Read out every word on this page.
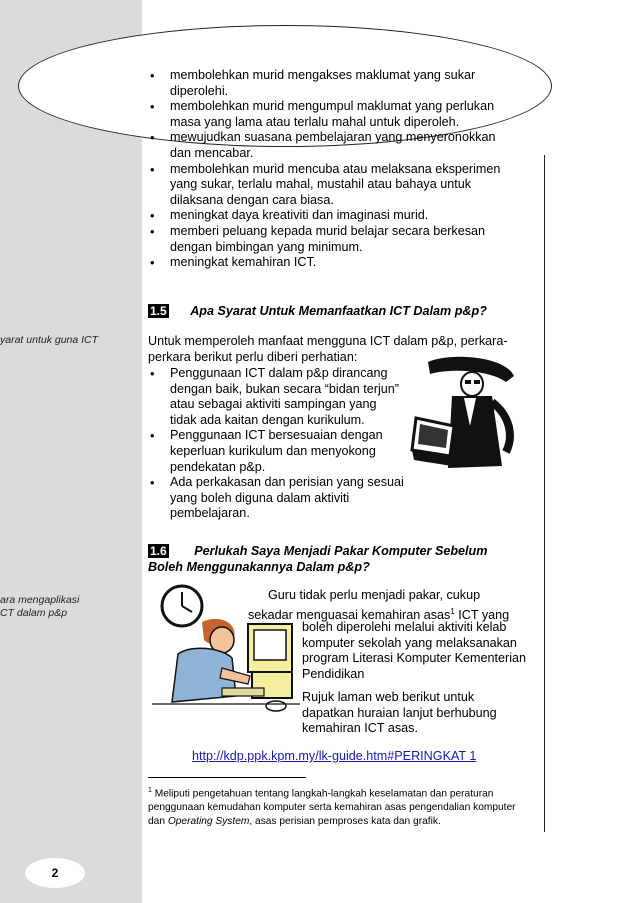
• membolehkan murid mengakses maklumat yang sukar diperolehi.
• membolehkan murid mengumpul maklumat yang perlukan masa yang lama atau terlalu mahal untuk diperoleh.
• mewujudkan suasana pembelajaran yang menyeronokkan dan mencabar.
• membolehkan murid mencuba atau melaksana eksperimen yang sukar, terlalu mahal, mustahil atau bahaya untuk dilaksana dengan cara biasa.
• meningkat daya kreativiti dan imaginasi murid.
• memberi peluang kepada murid belajar secara berkesan dengan bimbingan yang minimum.
• meningkat kemahiran ICT.
1.5 Apa Syarat Untuk Memanfaatkan ICT Dalam p&p?
yarat untuk guna ICT	Untuk memperoleh manfaat mengguna ICT dalam p&p, perkara-perkara berikut perlu diberi perhatian:
• Penggunaan ICT dalam p&p dirancang dengan baik, bukan secara “bidan terjun” atau sebagai aktiviti sampingan yang tidak ada kaitan dengan kurikulum.
• Penggunaan ICT bersesuaian dengan keperluan kurikulum dan menyokong pendekatan p&p.
• Ada perkakasan dan perisian yang sesuai yang boleh diguna dalam aktiviti pembelajaran.
1.6 Perlukah Saya Menjadi Pakar Komputer Sebelum
Boleh Menggunakannya Dalam p&p?
ara mengaplikasi
CT dalam p&p
Guru tidak perlu menjadi pakar, cukup
sekadar menguasai kemahiran asas$^1$ ICT yang
boleh diperolehi melalui aktiviti kelab komputer sekolah yang melaksanakan program Literasi Komputer Kementerian Pendidikan
Rujuk laman web berikut untuk dapatkan huraian lanjut berhubung kemahiran ICT asas.
http://kdp.ppk.kpm.my/lk-guide.htm#PERINGKAT 1
$^1$ Meliputi pengetahuan tentang langkah-langkah keselamatan dan peraturan penggunaan kemudahan komputer serta kemahiran asas pengendalian komputer dan Operating System, asas perisian pemproses kata dan grafik.
2
